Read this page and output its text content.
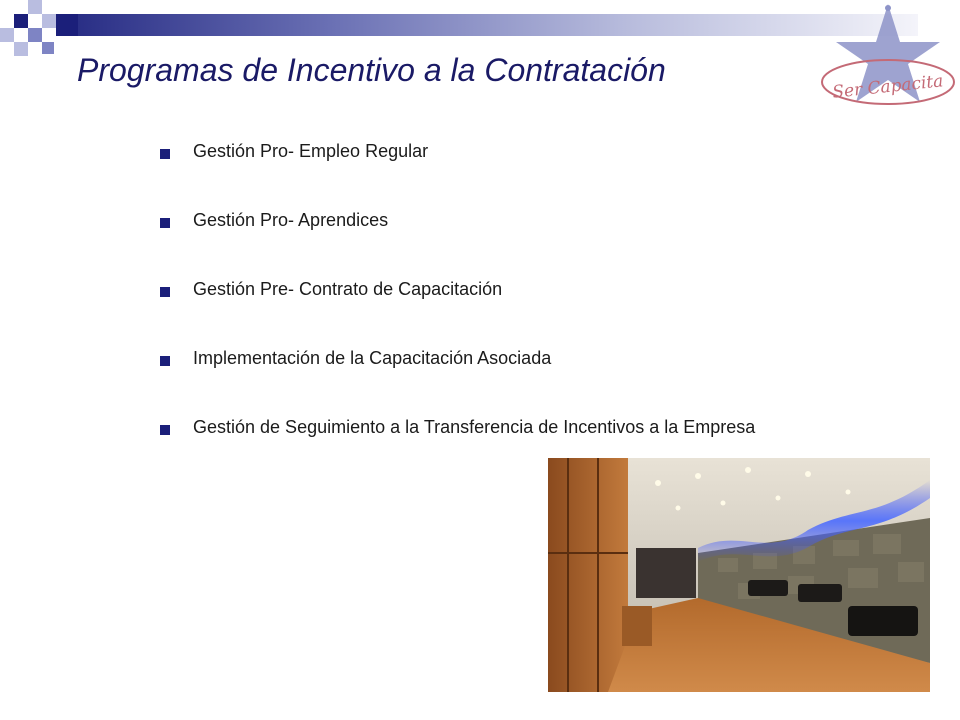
Ser Capacita
Programas de Incentivo a la Contratación
Gestión Pro- Empleo Regular
Gestión Pro- Aprendices
Gestión Pre- Contrato de Capacitación
Implementación de la Capacitación Asociada
Gestión de Seguimiento a la Transferencia de Incentivos a la Empresa
